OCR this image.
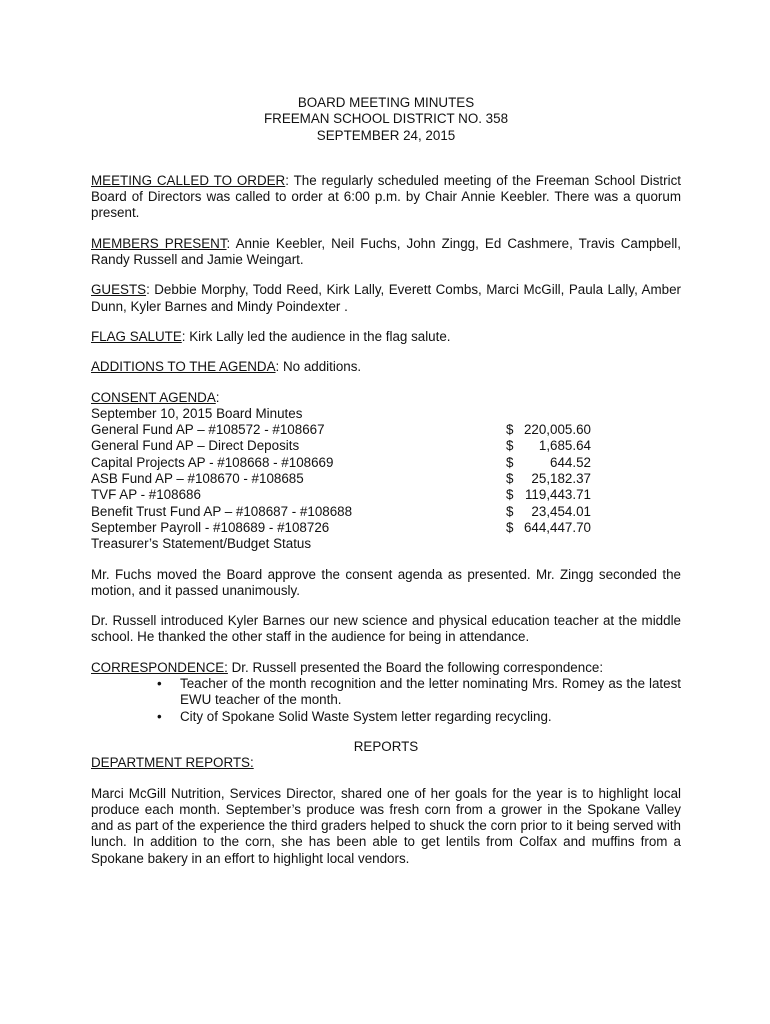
BOARD MEETING MINUTES
FREEMAN SCHOOL DISTRICT NO. 358
SEPTEMBER 24, 2015

MEETING CALLED TO ORDER: The regularly scheduled meeting of the Freeman School District Board of Directors was called to order at 6:00 p.m. by Chair Annie Keebler. There was a quorum present.

MEMBERS PRESENT: Annie Keebler, Neil Fuchs, John Zingg, Ed Cashmere, Travis Campbell, Randy Russell and Jamie Weingart.

GUESTS: Debbie Morphy, Todd Reed, Kirk Lally, Everett Combs, Marci McGill, Paula Lally, Amber Dunn, Kyler Barnes and Mindy Poindexter .

FLAG SALUTE: Kirk Lally led the audience in the flag salute.

ADDITIONS TO THE AGENDA: No additions.

CONSENT AGENDA:
September 10, 2015 Board Minutes
General Fund AP – #108572 - #108667	$ 220,005.60
General Fund AP – Direct Deposits	$ 1,685.64
Capital Projects AP - #108668 - #108669	$	644.52
ASB Fund AP – #108670 - #108685	$ 25,182.37
TVF AP - #108686	$ 119,443.71
Benefit Trust Fund AP – #108687 - #108688	$ 23,454.01
September Payroll - #108689 - #108726	$ 644,447.70
Treasurer’s Statement/Budget Status

Mr. Fuchs moved the Board approve the consent agenda as presented. Mr. Zingg seconded the motion, and it passed unanimously.

Dr. Russell introduced Kyler Barnes our new science and physical education teacher at the middle school. He thanked the other staff in the audience for being in attendance.

CORRESPONDENCE: Dr. Russell presented the Board the following correspondence:
• Teacher of the month recognition and the letter nominating Mrs. Romey as the latest EWU teacher of the month.
• City of Spokane Solid Waste System letter regarding recycling.
REPORTS
DEPARTMENT REPORTS:

Marci McGill Nutrition, Services Director, shared one of her goals for the year is to highlight local produce each month. September’s produce was fresh corn from a grower in the Spokane Valley and as part of the experience the third graders helped to shuck the corn prior to it being served with lunch. In addition to the corn, she has been able to get lentils from Colfax and muffins from a Spokane bakery in an effort to highlight local vendors.
